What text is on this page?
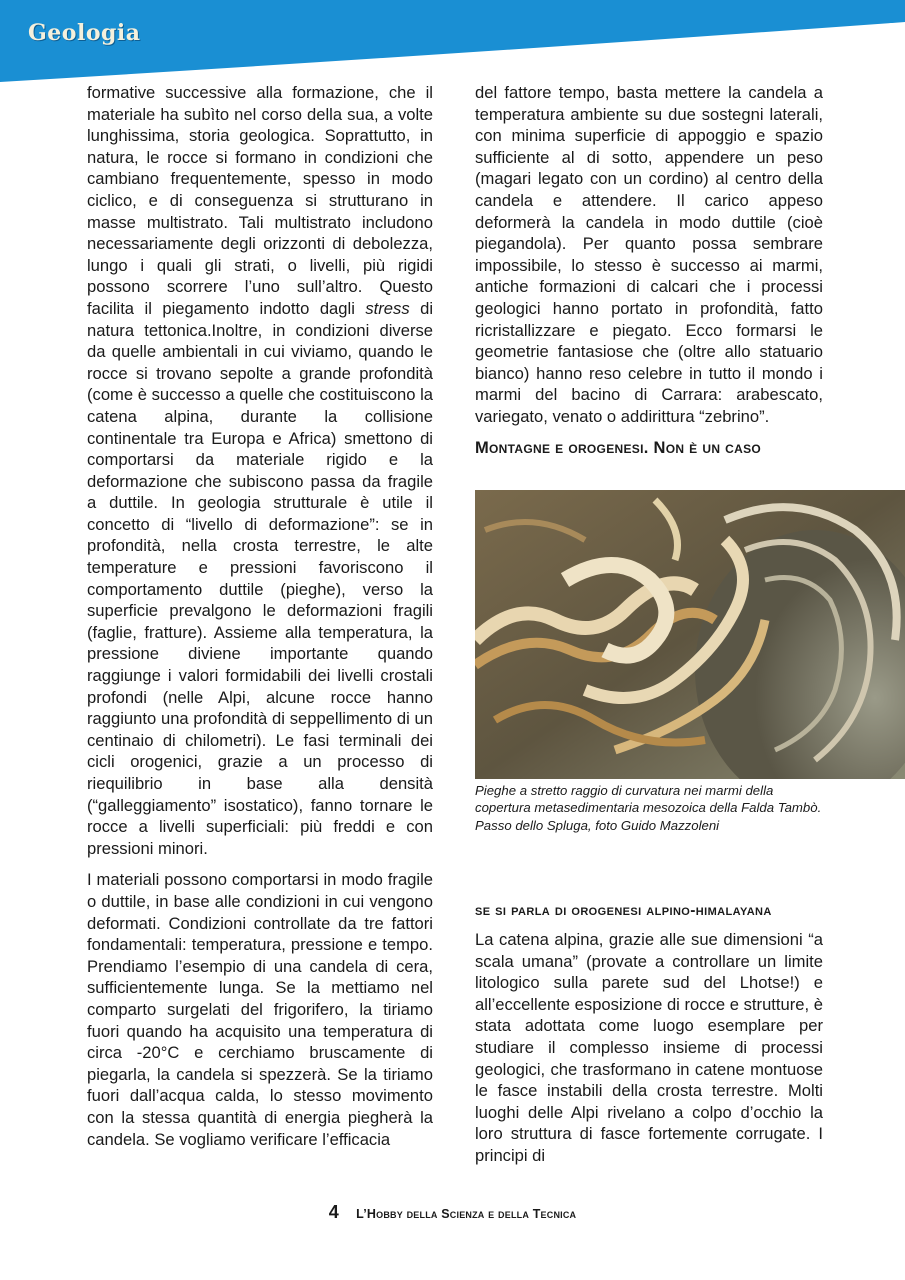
Geologia

formative successive alla formazione, che il materiale ha subìto nel corso della sua, a volte lunghissima, storia geologica. Soprattutto, in natura, le rocce si formano in condizioni che cambiano frequentemente, spesso in modo ciclico, e di conseguenza si strutturano in masse multistrato. Tali multistrato includono necessariamente degli orizzonti di debolezza, lungo i quali gli strati, o livelli, più rigidi possono scorrere l’uno sull’altro. Questo facilita il piegamento indotto dagli stress di natura tettonica.Inoltre, in condizioni diverse da quelle ambientali in cui viviamo, quando le rocce si trovano sepolte a grande profondità (come è successo a quelle che costituiscono la catena alpina, durante la collisione continentale tra Europa e Africa) smettono di comportarsi da materiale rigido e la deformazione che subiscono passa da fragile a duttile. In geologia strutturale è utile il concetto di “livello di deformazione”: se in profondità, nella crosta terrestre, le alte temperature e pressioni favoriscono il comportamento duttile (pieghe), verso la superficie prevalgono le deformazioni fragili (faglie, fratture). Assieme alla temperatura, la pressione diviene importante quando raggiunge i valori formidabili dei livelli crostali profondi (nelle Alpi, alcune rocce hanno raggiunto una profondità di seppellimento di un centinaio di chilometri). Le fasi terminali dei cicli orogenici, grazie a un processo di riequilibrio in base alla densità (“galleggiamento” isostatico), fanno tornare le rocce a livelli superficiali: più freddi e con pressioni minori.

I materiali possono comportarsi in modo fragile o duttile, in base alle condizioni in cui vengono deformati. Condizioni controllate da tre fattori fondamentali: temperatura, pressione e tempo. Prendiamo l’esempio di una candela di cera, sufficientemente lunga. Se la mettiamo nel comparto surgelati del frigorifero, la tiriamo fuori quando ha acquisito una temperatura di circa -20°C e cerchiamo bruscamente di piegarla, la candela si spezzerà. Se la tiriamo fuori dall’acqua calda, lo stesso movimento con la stessa quantità di energia piegherà la candela. Se vogliamo verificare l’efficacia

del fattore tempo, basta mettere la candela a temperatura ambiente su due sostegni laterali, con minima superficie di appoggio e spazio sufficiente al di sotto, appendere un peso (magari legato con un cordino) al centro della candela e attendere. Il carico appeso deformerà la candela in modo duttile (cioè piegandola). Per quanto possa sembrare impossibile, lo stesso è successo ai marmi, antiche formazioni di calcari che i processi geologici hanno portato in profondità, fatto ricristallizzare e piegato. Ecco formarsi le geometrie fantasiose che (oltre allo statuario bianco) hanno reso celebre in tutto il mondo i marmi del bacino di Carrara: arabescato, variegato, venato o addirittura “zebrino”.

Montagne e orogenesi. Non è un caso
Pieghe a stretto raggio di curvatura nei marmi della copertura metasedimentaria mesozoica della Falda Tambò. Passo dello Spluga, foto Guido Mazzoleni
se si parla di orogenesi alpino-himalayana

La catena alpina, grazie alle sue dimensioni “a scala umana” (provate a controllare un limite litologico sulla parete sud del Lhotse!) e all’eccellente esposizione di rocce e strutture, è stata adottata come luogo esemplare per studiare il complesso insieme di processi geologici, che trasformano in catene montuose le fasce instabili della crosta terrestre. Molti luoghi delle Alpi rivelano a colpo d’occhio la loro struttura di fasce fortemente corrugate. I principi di

4 L’Hobby della Scienza e della Tecnica
